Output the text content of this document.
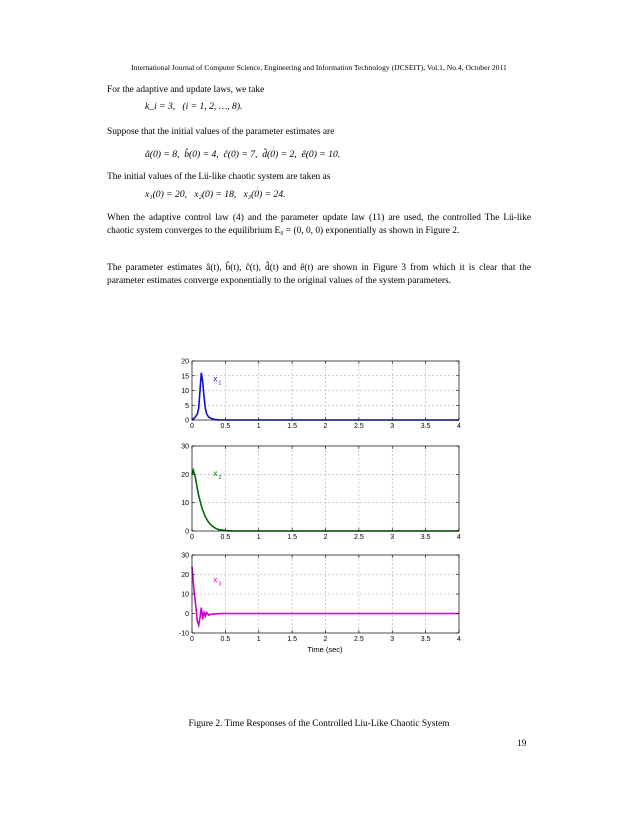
International Journal of Computer Science, Engineering and Information Technology (IJCSEIT), Vol.1, No.4, October 2011
For the adaptive and update laws, we take
k_i = 3,   (i = 1, 2, …, 8).
Suppose that the initial values of the parameter estimates are
â(0) = 8,  b̂(0) = 4,  ĉ(0) = 7,  d̂(0) = 2,  ê(0) = 10.
The initial values of the Lü-like chaotic system are taken as
x₁(0) = 20,   x₂(0) = 18,   x₃(0) = 24.
When the adaptive control law (4) and the parameter update law (11) are used, the controlled The Lü-like chaotic system converges to the equilibrium E₀ = (0, 0, 0) exponentially as shown in Figure 2.
The parameter estimates â(t), b̂(t), ĉ(t), d̂(t) and ê(t) are shown in Figure 3 from which it is clear that the parameter estimates converge exponentially to the original values of the system parameters.
x 1
0	0.5	1	1.5	2	2.5	3	3.5	4
0
5
10
15
20
x 2
0	0.5	1	1.5	2	2.5	3	3.5	4
0
10
20
30
x 3
0	0.5	1	1.5	2	2.5	3	3.5	4
-10
0
10
20
30
Time (sec)
Figure 2. Time Responses of the Controlled Liu-Like Chaotic System
19
